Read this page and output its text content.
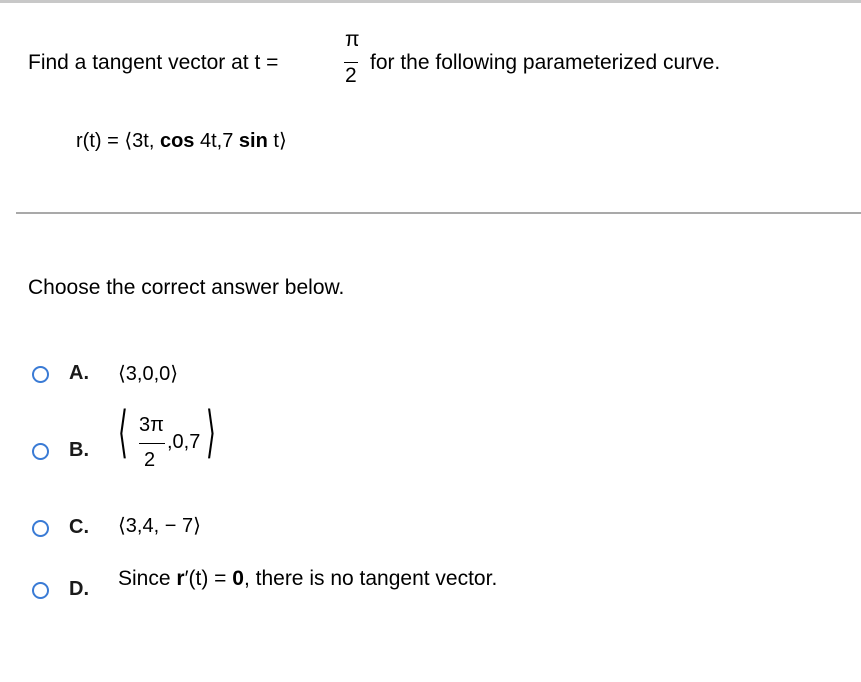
Find a tangent vector at t =
π
2
for the following parameterized curve.
r(t) = ⟨3t, cos 4t,7 sin t⟩
Choose the correct answer below.
A. ⟨3,0,0⟩
B. ⟨ 3π
2
,0,7 ⟩
C. ⟨3,4, − 7⟩
D. Since r′(t) = 0, there is no tangent vector.
